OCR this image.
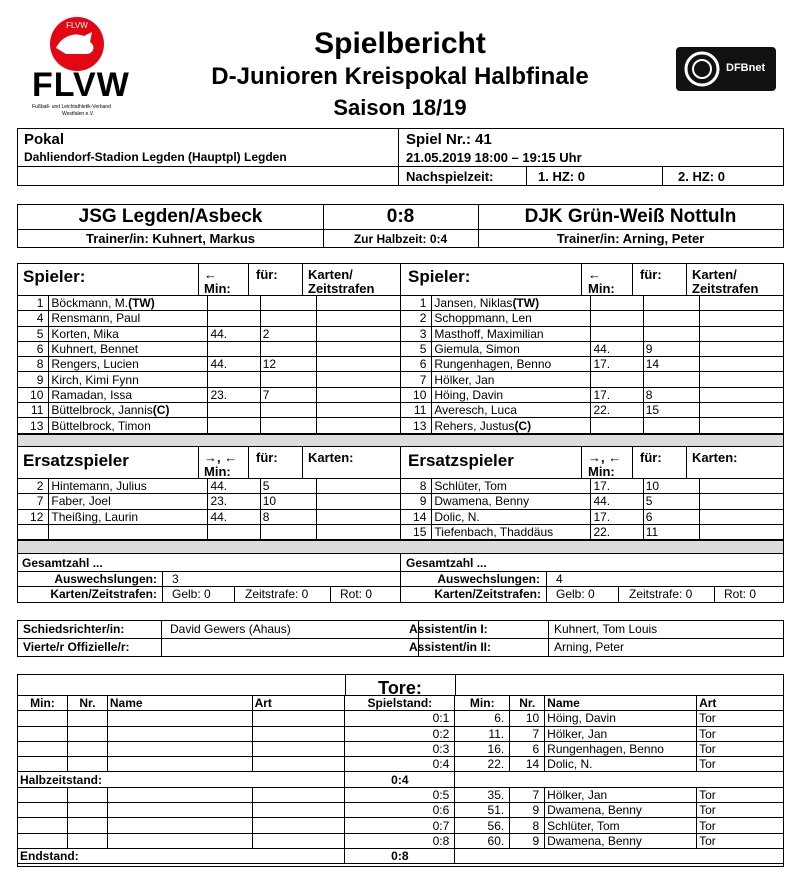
FLVW
FLVW
Fußball- und Leichtathletik-Verband
Westfalen e.V.
Spielbericht
D-Junioren Kreispokal Halbfinale
Saison 18/19
DFBnet
Pokal
Dahliendorf-Stadion Legden (Hauptpl) Legden
Spiel Nr.: 41
21.05.2019 18:00 – 19:15 Uhr
Nachspielzeit:	1. HZ: 0	2. HZ: 0
JSG Legden/Asbeck	0:8	DJK Grün-Weiß Nottuln
Trainer/in: Kuhnert, Markus	Zur Halbzeit: 0:4	Trainer/in: Arning, Peter
Spieler:	←
Min:
für: Karten/
Zeitstrafen
Spieler:	←
Min:
für: Karten/
Zeitstrafen
1	Böckmann, M.(TW)			
4	Rensmann, Paul			
5	Korten, Mika	44.	2	
6	Kuhnert, Bennet			
8	Rengers, Lucien	44.	12	
9	Kirch, Kimi Fynn			
10	Ramadan, Issa	23.	7	
11	Büttelbrock, Jannis(C)			
13	Büttelbrock, Timon			
1	Jansen, Niklas(TW)			
2	Schoppmann, Len			
3	Masthoff, Maximilian			
5	Giemula, Simon	44.	9	
6	Rungenhagen, Benno	17.	14	
7	Hölker, Jan			
10	Höing, Davin	17.	8	
11	Averesch, Luca	22.	15	
13	Rehers, Justus(C)			
Ersatzspieler	→, ←
Min:
für: Karten:	Ersatzspieler	→, ←
Min:
für: Karten:
2	Hintemann, Julius	44.	5	
7	Faber, Joel	23.	10	
12	Theißing, Laurin	44.	8	

8	Schlüter, Tom	17.	10	
9	Dwamena, Benny	44.	5	
14	Dolic, N.	17.	6	
15	Tiefenbach, Thaddäus	22.	11	
Gesamtzahl ...	Gesamtzahl ...
Auswechslungen: 3
Karten/Zeitstrafen: Gelb: 0	Zeitstrafe: 0	Rot: 0
Auswechslungen: 4
Karten/Zeitstrafen: Gelb: 0	Zeitstrafe: 0	Rot: 0
Schiedsrichter/in:	David Gewers (Ahaus)
Vierte/r Offizielle/r:
Assistent/in I:	Kuhnert, Tom Louis
Assistent/in II:	Arning, Peter
Tore:
Min:	Nr.	Name	Art	Spielstand:	Min:	Nr.	Name	Art
				0:1	6.	10	Höing, Davin	Tor
				0:2	11.	7	Hölker, Jan	Tor
				0:3	16.	6	Rungenhagen, Benno	Tor
				0:4	22.	14	Dolic, N.	Tor
Halbzeitstand:				0:4				
				0:5	35.	7	Hölker, Jan	Tor
				0:6	51.	9	Dwamena, Benny	Tor
				0:7	56.	8	Schlüter, Tom	Tor
				0:8	60.	9	Dwamena, Benny	Tor
Endstand:				0:8				
